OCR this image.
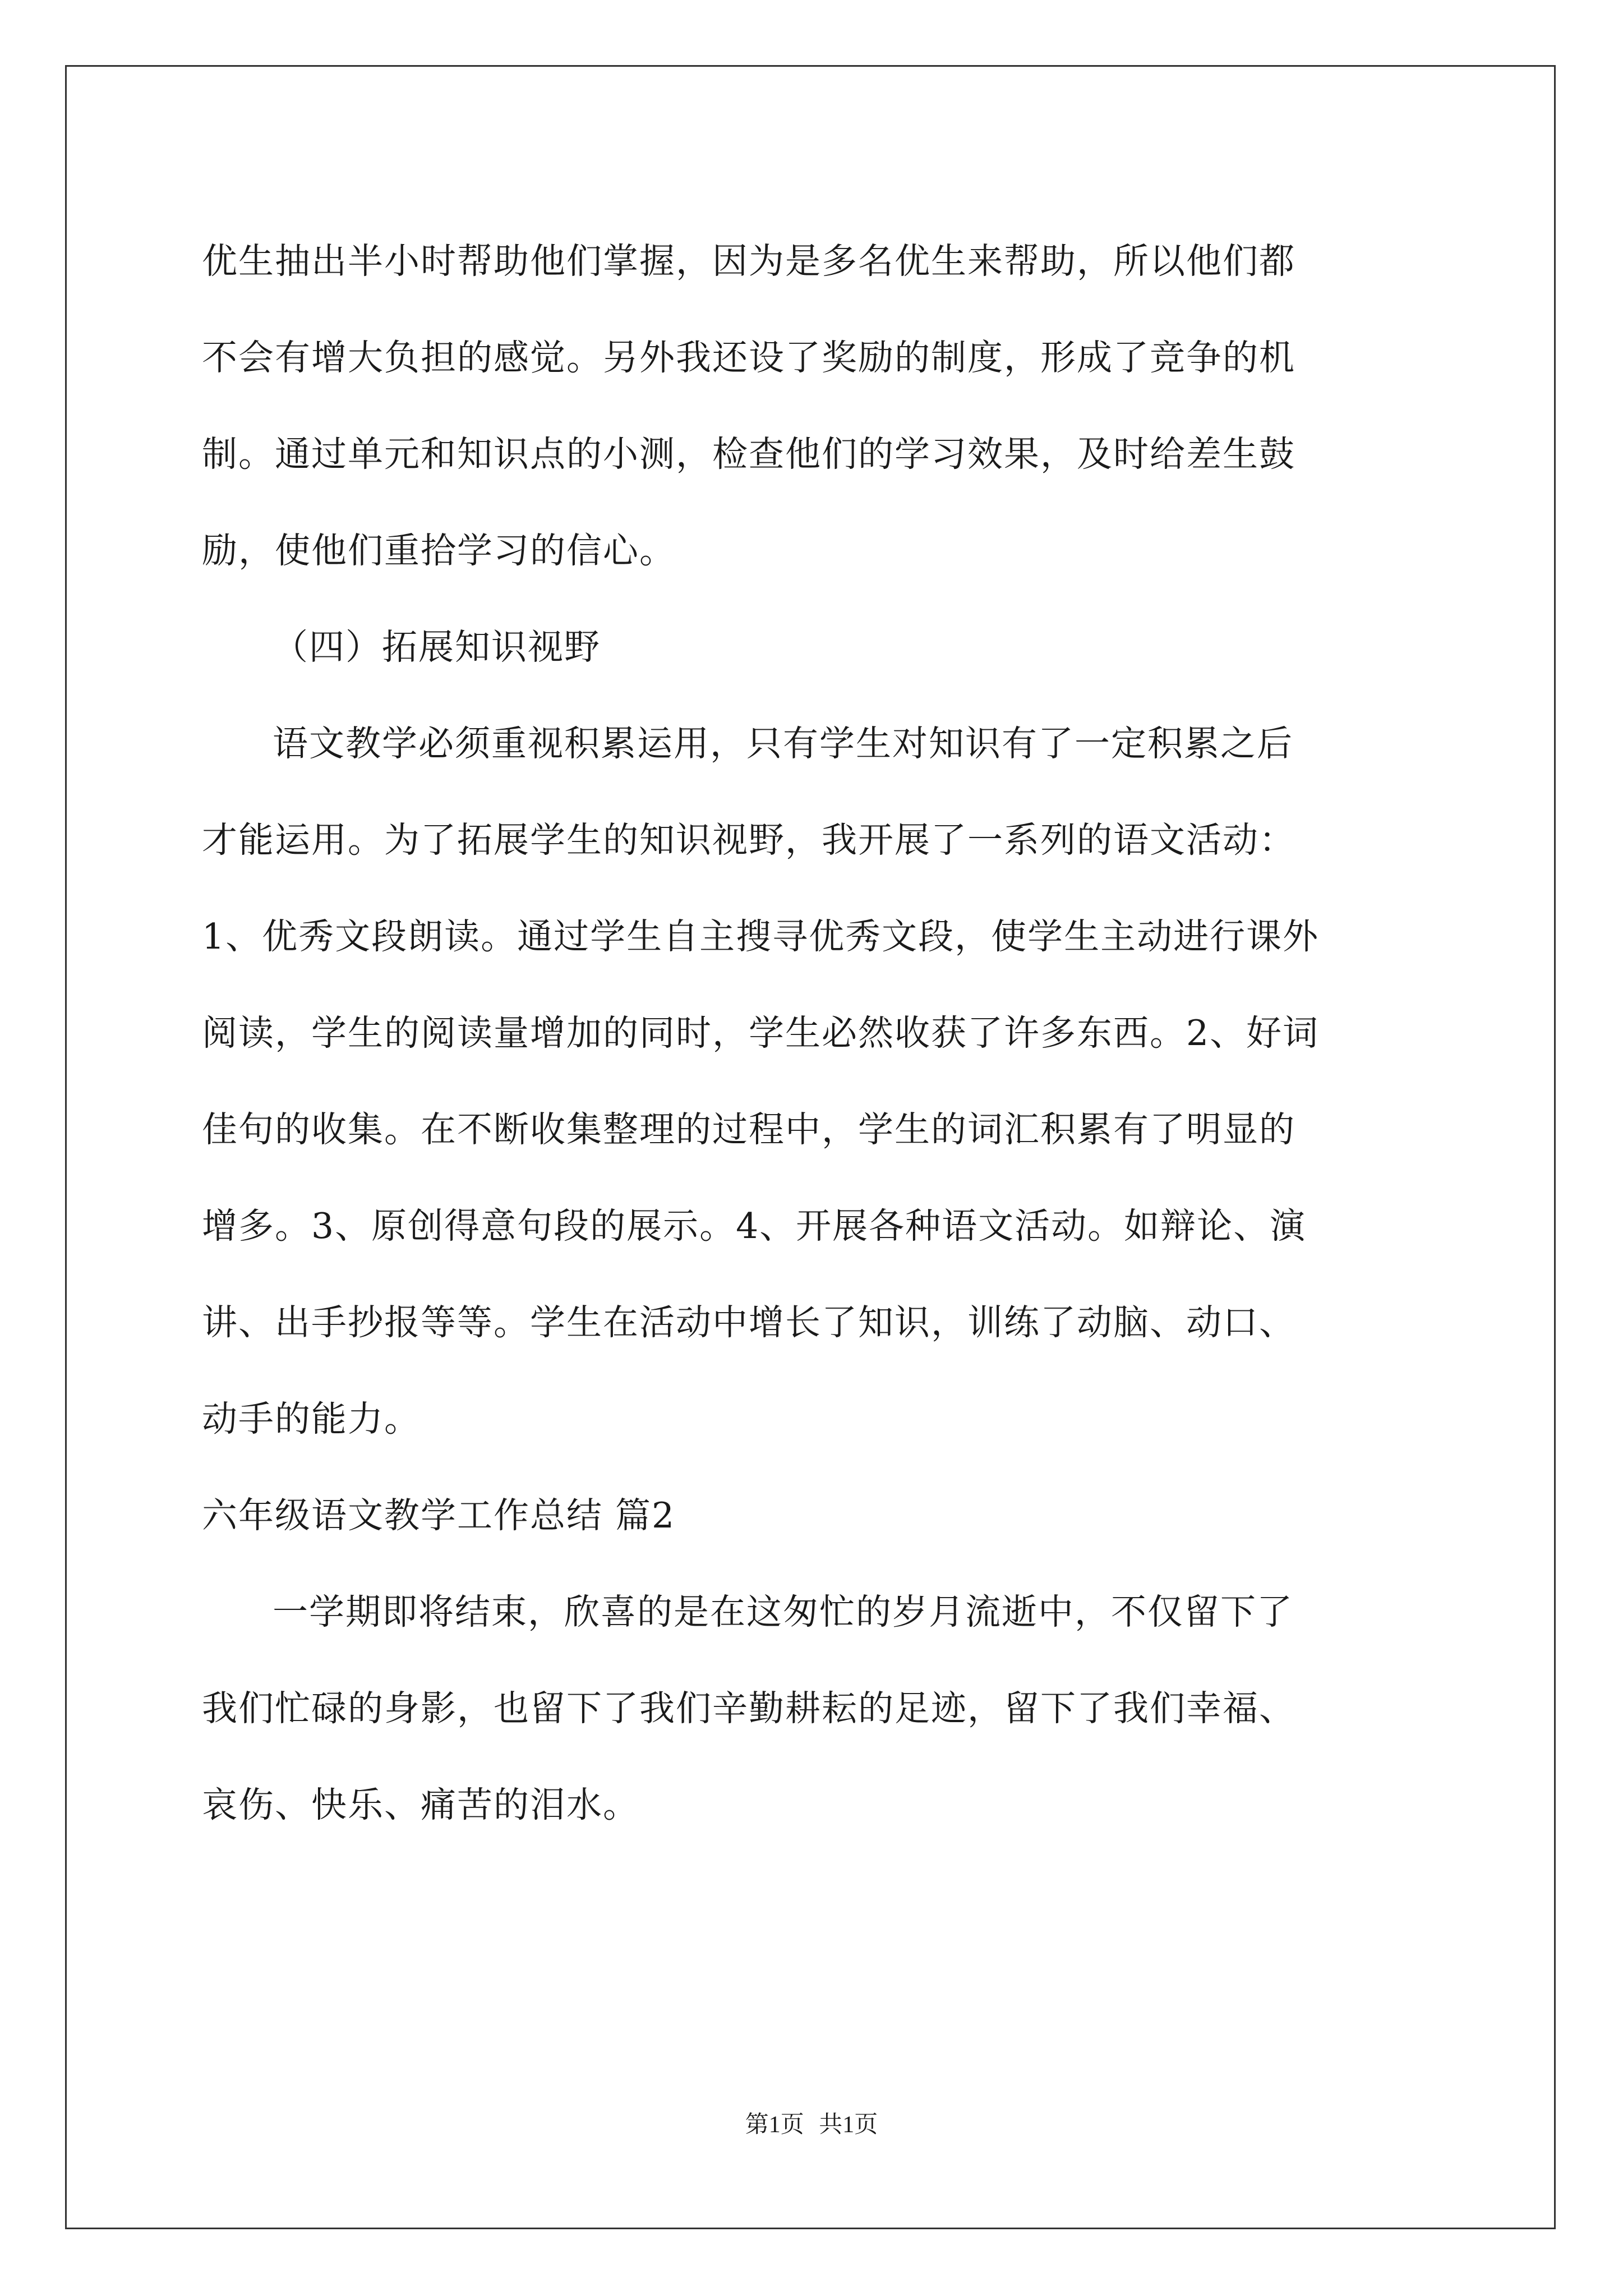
优生抽出半小时帮助他们掌握，因为是多名优生来帮助，所以他们都
不会有增大负担的感觉。另外我还设了奖励的制度，形成了竞争的机
制。通过单元和知识点的小测，检查他们的学习效果，及时给差生鼓
励，使他们重拾学习的信心。
（四）拓展知识视野
语文教学必须重视积累运用，只有学生对知识有了一定积累之后
才能运用。为了拓展学生的知识视野，我开展了一系列的语文活动：
1、优秀文段朗读。通过学生自主搜寻优秀文段，使学生主动进行课外
阅读，学生的阅读量增加的同时，学生必然收获了许多东西。2、好词
佳句的收集。在不断收集整理的过程中，学生的词汇积累有了明显的
增多。3、原创得意句段的展示。4、开展各种语文活动。如辩论、演
讲、出手抄报等等。学生在活动中增长了知识，训练了动脑、动口、
动手的能力。
六年级语文教学工作总结 篇2
一学期即将结束，欣喜的是在这匆忙的岁月流逝中，不仅留下了
我们忙碌的身影，也留下了我们辛勤耕耘的足迹，留下了我们幸福、
哀伤、快乐、痛苦的泪水。
第1页 共1页
